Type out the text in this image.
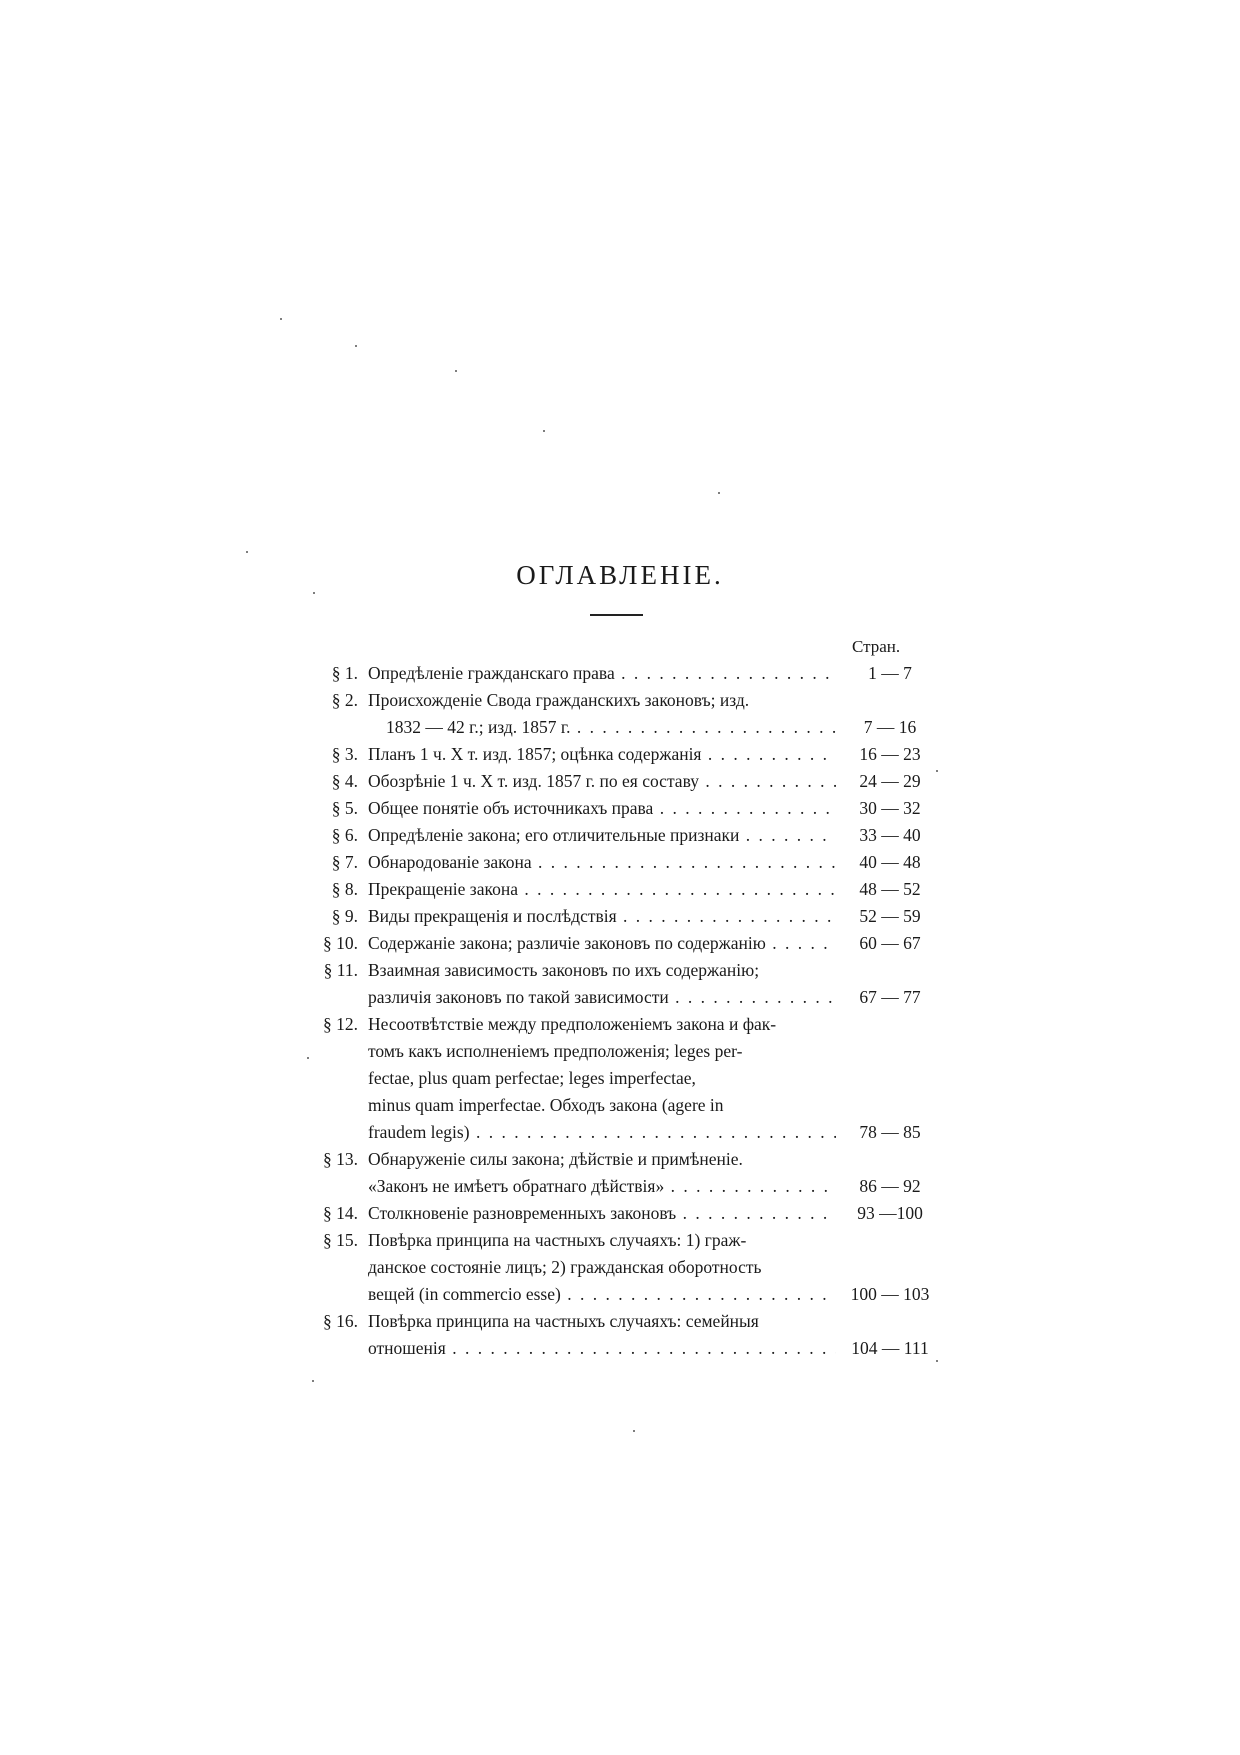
ОГЛАВЛЕНІЕ.
Стран.
§ 1. Опредѣленіе гражданскаго права . . .	1 — 7
§ 2. Происхожденіе Свода гражданскихъ законовъ; изд.
1832 — 42 г.; изд. 1857 г. . . .	7 — 16
§ 3. Планъ 1 ч. X т. изд. 1857; оцѣнка содержанія . . .	16 — 23
§ 4. Обозрѣніе 1 ч. X т. изд. 1857 г. по ея составу . . .	24 — 29
§ 5. Общее понятіе объ источникахъ права . . .	30 — 32
§ 6. Опредѣленіе закона; его отличительные признаки . . .	33 — 40
§ 7. Обнародованіе закона . . .	40 — 48
§ 8. Прекращеніе закона . . .	48 — 52
§ 9. Виды прекращенія и послѣдствія . . .	52 — 59
§ 10. Содержаніе закона; различіе законовъ по содержанію . . .	60 — 67
§ 11. Взаимная зависимость законовъ по ихъ содержанію;
различія законовъ по такой зависимости . . .	67 — 77
§ 12. Несоотвѣтствіе между предположеніемъ закона и фак-
томъ какъ исполненіемъ предположенія; leges per-
fectae, plus quam perfectae; leges imperfectae,
minus quam imperfectae. Обходъ закона (agere in
fraudem legis) . . .	78 — 85
§ 13. Обнаруженіе силы закона; дѣйствіе и примѣненіе.
«Законъ не имѣетъ обратнаго дѣйствія» . . .	86 — 92
§ 14. Столкновеніе разновременныхъ законовъ . . .	93 —100
§ 15. Повѣрка принципа на частныхъ случаяхъ: 1) граж-
данское состояніе лицъ; 2) гражданская оборотность
вещей (in commercio esse) . . .	100 — 103
§ 16. Повѣрка принципа на частныхъ случаяхъ: семейныя
отношенія . . .	104 — 111
